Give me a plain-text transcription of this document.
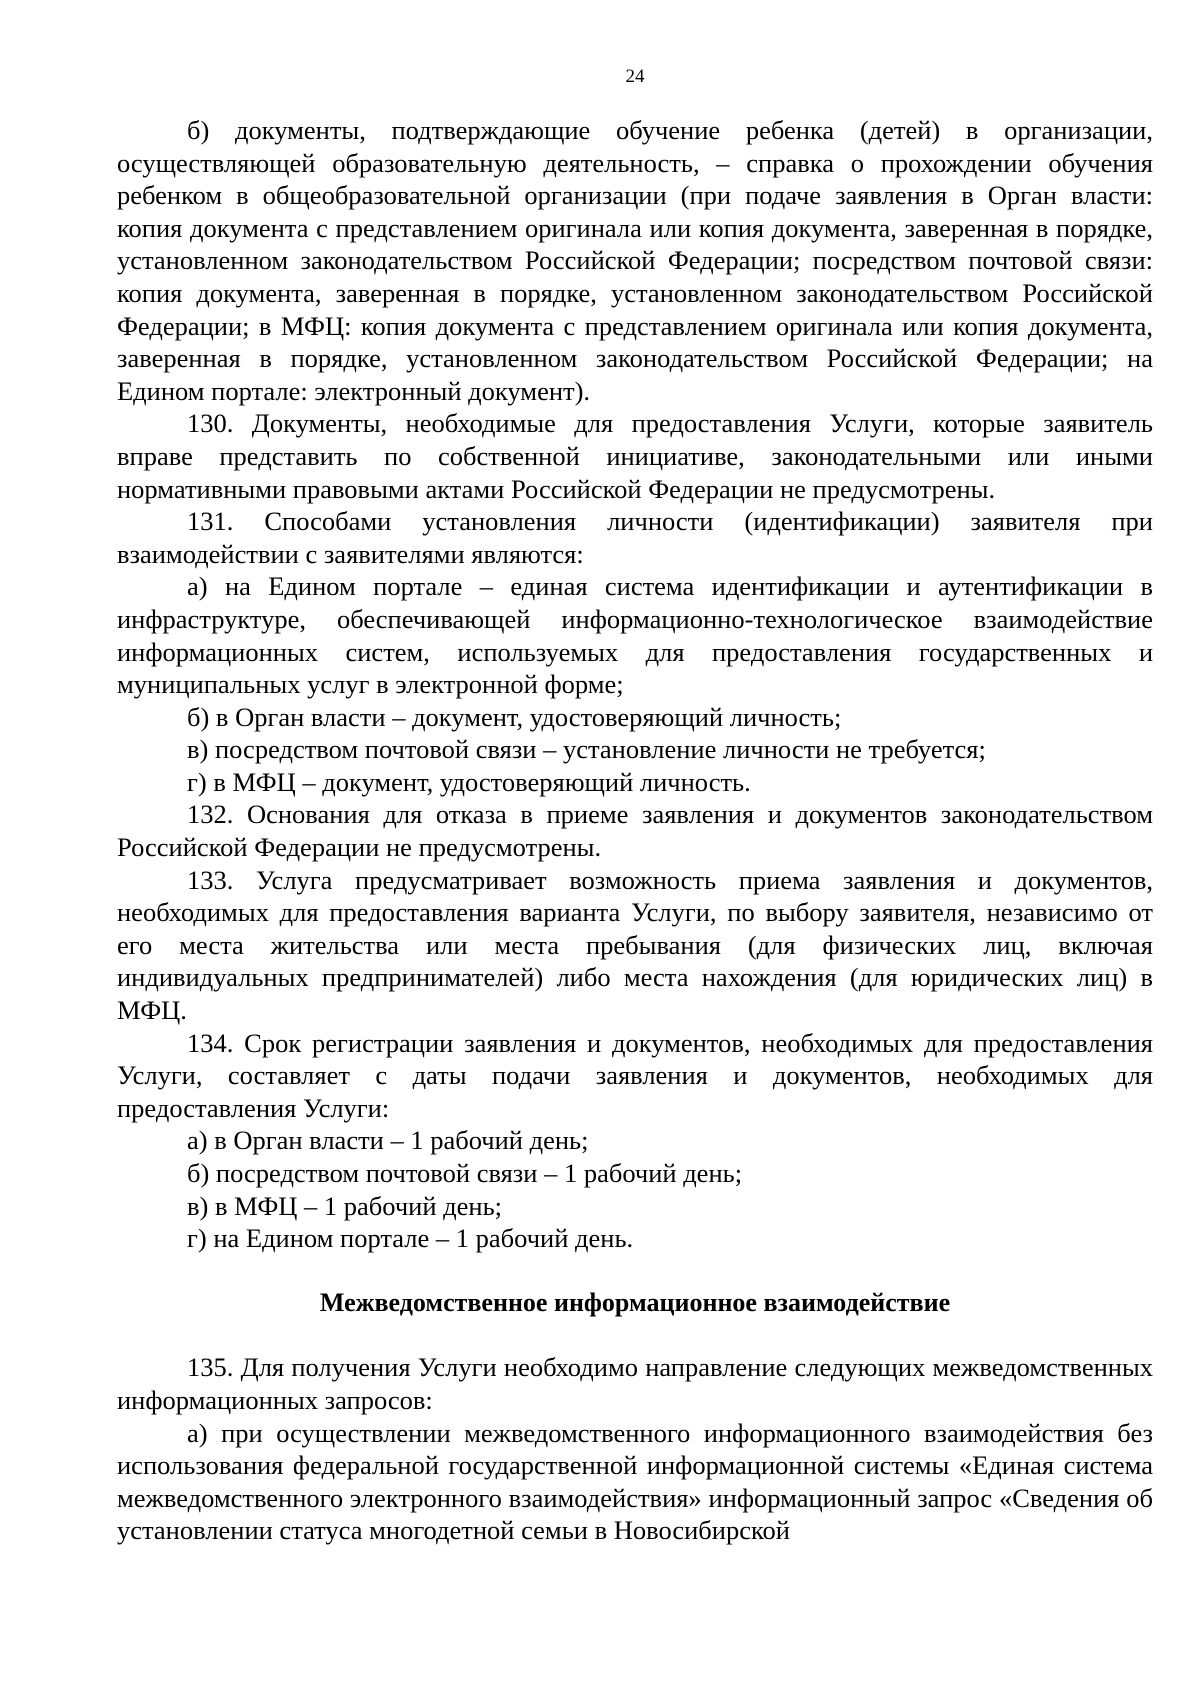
24

б) документы, подтверждающие обучение ребенка (детей) в организации, осуществляющей образовательную деятельность, – справка о прохождении обучения ребенком в общеобразовательной организации (при подаче заявления в Орган власти: копия документа с представлением оригинала или копия документа, заверенная в порядке, установленном законодательством Российской Федерации; посредством почтовой связи: копия документа, заверенная в порядке, установленном законодательством Российской Федерации; в МФЦ: копия документа с представлением оригинала или копия документа, заверенная в порядке, установленном законодательством Российской Федерации; на Едином портале: электронный документ).

130. Документы, необходимые для предоставления Услуги, которые заявитель вправе представить по собственной инициативе, законодательными или иными нормативными правовыми актами Российской Федерации не предусмотрены.

131. Способами установления личности (идентификации) заявителя при взаимодействии с заявителями являются:

а) на Едином портале – единая система идентификации и аутентификации в инфраструктуре, обеспечивающей информационно-технологическое взаимодействие информационных систем, используемых для предоставления государственных и муниципальных услуг в электронной форме;

б) в Орган власти – документ, удостоверяющий личность;

в) посредством почтовой связи – установление личности не требуется;

г) в МФЦ – документ, удостоверяющий личность.

132. Основания для отказа в приеме заявления и документов законодательством Российской Федерации не предусмотрены.

133. Услуга предусматривает возможность приема заявления и документов, необходимых для предоставления варианта Услуги, по выбору заявителя, независимо от его места жительства или места пребывания (для физических лиц, включая индивидуальных предпринимателей) либо места нахождения (для юридических лиц) в МФЦ.

134. Срок регистрации заявления и документов, необходимых для предоставления Услуги, составляет с даты подачи заявления и документов, необходимых для предоставления Услуги:

а) в Орган власти – 1 рабочий день;

б) посредством почтовой связи – 1 рабочий день;

в) в МФЦ – 1 рабочий день;

г) на Едином портале – 1 рабочий день.

Межведомственное информационное взаимодействие

135. Для получения Услуги необходимо направление следующих межведомственных информационных запросов:

а) при осуществлении межведомственного информационного взаимодействия без использования федеральной государственной информационной системы «Единая система межведомственного электронного взаимодействия» информационный запрос «Сведения об установлении статуса многодетной семьи в Новосибирской
